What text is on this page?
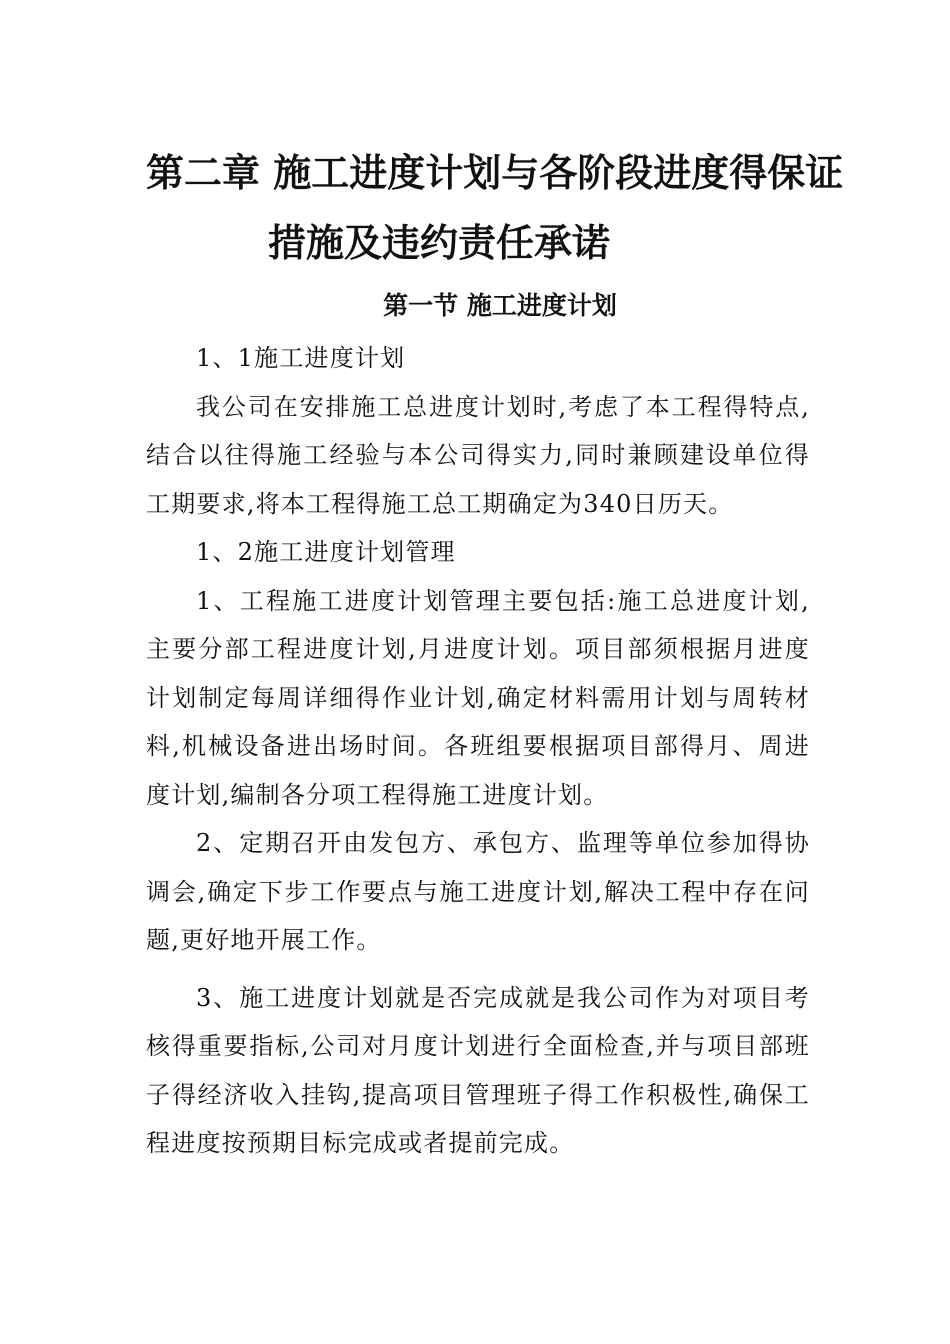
第二章 施工进度计划与各阶段进度得保证
措施及违约责任承诺
第一节 施工进度计划

1、1施工进度计划

我公司在安排施工总进度计划时,考虑了本工程得特点,结合以往得施工经验与本公司得实力,同时兼顾建设单位得工期要求,将本工程得施工总工期确定为340日历天。

1、2施工进度计划管理

1、工程施工进度计划管理主要包括:施工总进度计划,主要分部工程进度计划,月进度计划。项目部须根据月进度计划制定每周详细得作业计划,确定材料需用计划与周转材料,机械设备进出场时间。各班组要根据项目部得月、周进度计划,编制各分项工程得施工进度计划。

2、定期召开由发包方、承包方、监理等单位参加得协调会,确定下步工作要点与施工进度计划,解决工程中存在问题,更好地开展工作。

3、施工进度计划就是否完成就是我公司作为对项目考核得重要指标,公司对月度计划进行全面检查,并与项目部班子得经济收入挂钩,提高项目管理班子得工作积极性,确保工程进度按预期目标完成或者提前完成。
